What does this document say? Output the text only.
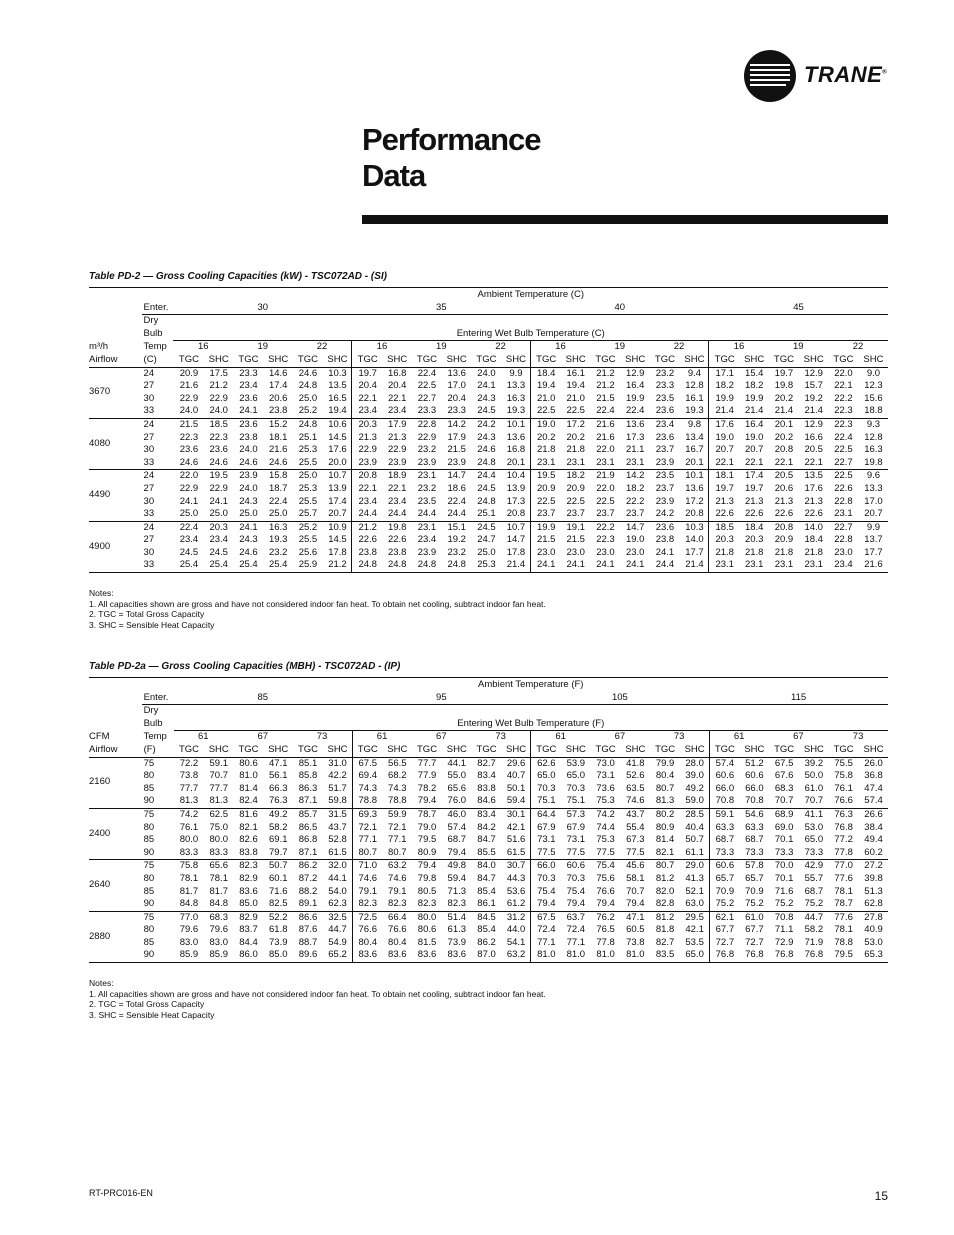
TRANE®
Performance
Data
Table PD-2 — Gross Cooling Capacities (kW) - TSC072AD - (SI)
		Ambient Temperature (C)																							
	Enter.	30						35						40						45					
	Dry																								
	Bulb	Entering Wet Bulb Temperature (C)																							
m³/h	Temp	16		19		22		16		19		22		16		19		22		16		19		22	
Airflow	(C)	TGC	SHC	TGC	SHC	TGC	SHC	TGC	SHC	TGC	SHC	TGC	SHC	TGC	SHC	TGC	SHC	TGC	SHC	TGC	SHC	TGC	SHC	TGC	SHC
3670	24	20.9	17.5	23.3	14.6	24.6	10.3	19.7	16.8	22.4	13.6	24.0	9.9	18.4	16.1	21.2	12.9	23.2	9.4	17.1	15.4	19.7	12.9	22.0	9.0
	27	21.6	21.2	23.4	17.4	24.8	13.5	20.4	20.4	22.5	17.0	24.1	13.3	19.4	19.4	21.2	16.4	23.3	12.8	18.2	18.2	19.8	15.7	22.1	12.3
	30	22.9	22.9	23.6	20.6	25.0	16.5	22.1	22.1	22.7	20.4	24.3	16.3	21.0	21.0	21.5	19.9	23.5	16.1	19.9	19.9	20.2	19.2	22.2	15.6
	33	24.0	24.0	24.1	23.8	25.2	19.4	23.4	23.4	23.3	23.3	24.5	19.3	22.5	22.5	22.4	22.4	23.6	19.3	21.4	21.4	21.4	21.4	22.3	18.8
4080	24	21.5	18.5	23.6	15.2	24.8	10.6	20.3	17.9	22.8	14.2	24.2	10.1	19.0	17.2	21.6	13.6	23.4	9.8	17.6	16.4	20.1	12.9	22.3	9.3
	27	22.3	22.3	23.8	18.1	25.1	14.5	21.3	21.3	22.9	17.9	24.3	13.6	20.2	20.2	21.6	17.3	23.6	13.4	19.0	19.0	20.2	16.6	22.4	12.8
	30	23.6	23.6	24.0	21.6	25.3	17.6	22.9	22.9	23.2	21.5	24.6	16.8	21.8	21.8	22.0	21.1	23.7	16.7	20.7	20.7	20.8	20.5	22.5	16.3
	33	24.6	24.6	24.6	24.6	25.5	20.0	23.9	23.9	23.9	23.9	24.8	20.1	23.1	23.1	23.1	23.1	23.9	20.1	22.1	22.1	22.1	22.1	22.7	19.8
4490	24	22.0	19.5	23.9	15.8	25.0	10.7	20.8	18.9	23.1	14.7	24.4	10.4	19.5	18.2	21.9	14.2	23.5	10.1	18.1	17.4	20.5	13.5	22.5	9.6
	27	22.9	22.9	24.0	18.7	25.3	13.9	22.1	22.1	23.2	18.6	24.5	13.9	20.9	20.9	22.0	18.2	23.7	13.6	19.7	19.7	20.6	17.6	22.6	13.3
	30	24.1	24.1	24.3	22.4	25.5	17.4	23.4	23.4	23.5	22.4	24.8	17.3	22.5	22.5	22.5	22.2	23.9	17.2	21.3	21.3	21.3	21.3	22.8	17.0
	33	25.0	25.0	25.0	25.0	25.7	20.7	24.4	24.4	24.4	24.4	25.1	20.8	23.7	23.7	23.7	23.7	24.2	20.8	22.6	22.6	22.6	22.6	23.1	20.7
4900	24	22.4	20.3	24.1	16.3	25.2	10.9	21.2	19.8	23.1	15.1	24.5	10.7	19.9	19.1	22.2	14.7	23.6	10.3	18.5	18.4	20.8	14.0	22.7	9.9
	27	23.4	23.4	24.3	19.3	25.5	14.5	22.6	22.6	23.4	19.2	24.7	14.7	21.5	21.5	22.3	19.0	23.8	14.0	20.3	20.3	20.9	18.4	22.8	13.7
	30	24.5	24.5	24.6	23.2	25.6	17.8	23.8	23.8	23.9	23.2	25.0	17.8	23.0	23.0	23.0	23.0	24.1	17.7	21.8	21.8	21.8	21.8	23.0	17.7
	33	25.4	25.4	25.4	25.4	25.9	21.2	24.8	24.8	24.8	24.8	25.3	21.4	24.1	24.1	24.1	24.1	24.4	21.4	23.1	23.1	23.1	23.1	23.4	21.6
Notes:
1. All capacities shown are gross and have not considered indoor fan heat. To obtain net cooling, subtract indoor fan heat.
2. TGC = Total Gross Capacity
3. SHC = Sensible Heat Capacity
Table PD-2a — Gross Cooling Capacities (MBH) - TSC072AD - (IP)
		Ambient Temperature (F)																							
	Enter.	85						95						105						115					
	Dry																								
	Bulb	Entering Wet Bulb Temperature (F)																							
CFM	Temp	61		67		73		61		67		73		61		67		73		61		67		73	
Airflow	(F)	TGC	SHC	TGC	SHC	TGC	SHC	TGC	SHC	TGC	SHC	TGC	SHC	TGC	SHC	TGC	SHC	TGC	SHC	TGC	SHC	TGC	SHC	TGC	SHC
2160	75	72.2	59.1	80.6	47.1	85.1	31.0	67.5	56.5	77.7	44.1	82.7	29.6	62.6	53.9	73.0	41.8	79.9	28.0	57.4	51.2	67.5	39.2	75.5	26.0
	80	73.8	70.7	81.0	56.1	85.8	42.2	69.4	68.2	77.9	55.0	83.4	40.7	65.0	65.0	73.1	52.6	80.4	39.0	60.6	60.6	67.6	50.0	75.8	36.8
	85	77.7	77.7	81.4	66.3	86.3	51.7	74.3	74.3	78.2	65.6	83.8	50.1	70.3	70.3	73.6	63.5	80.7	49.2	66.0	66.0	68.3	61.0	76.1	47.4
	90	81.3	81.3	82.4	76.3	87.1	59.8	78.8	78.8	79.4	76.0	84.6	59.4	75.1	75.1	75.3	74.6	81.3	59.0	70.8	70.8	70.7	70.7	76.6	57.4
2400	75	74.2	62.5	81.6	49.2	85.7	31.5	69.3	59.9	78.7	46.0	83.4	30.1	64.4	57.3	74.2	43.7	80.2	28.5	59.1	54.6	68.9	41.1	76.3	26.6
	80	76.1	75.0	82.1	58.2	86.5	43.7	72.1	72.1	79.0	57.4	84.2	42.1	67.9	67.9	74.4	55.4	80.9	40.4	63.3	63.3	69.0	53.0	76.8	38.4
	85	80.0	80.0	82.6	69.1	86.8	52.8	77.1	77.1	79.5	68.7	84.7	51.6	73.1	73.1	75.3	67.3	81.4	50.7	68.7	68.7	70.1	65.0	77.2	49.4
	90	83.3	83.3	83.8	79.7	87.1	61.5	80.7	80.7	80.9	79.4	85.5	61.5	77.5	77.5	77.5	77.5	82.1	61.1	73.3	73.3	73.3	73.3	77.8	60.2
2640	75	75.8	65.6	82.3	50.7	86.2	32.0	71.0	63.2	79.4	49.8	84.0	30.7	66.0	60.6	75.4	45.6	80.7	29.0	60.6	57.8	70.0	42.9	77.0	27.2
	80	78.1	78.1	82.9	60.1	87.2	44.1	74.6	74.6	79.8	59.4	84.7	44.3	70.3	70.3	75.6	58.1	81.2	41.3	65.7	65.7	70.1	55.7	77.6	39.8
	85	81.7	81.7	83.6	71.6	88.2	54.0	79.1	79.1	80.5	71.3	85.4	53.6	75.4	75.4	76.6	70.7	82.0	52.1	70.9	70.9	71.6	68.7	78.1	51.3
	90	84.8	84.8	85.0	82.5	89.1	62.3	82.3	82.3	82.3	82.3	86.1	61.2	79.4	79.4	79.4	79.4	82.8	63.0	75.2	75.2	75.2	75.2	78.7	62.8
2880	75	77.0	68.3	82.9	52.2	86.6	32.5	72.5	66.4	80.0	51.4	84.5	31.2	67.5	63.7	76.2	47.1	81.2	29.5	62.1	61.0	70.8	44.7	77.6	27.8
	80	79.6	79.6	83.7	61.8	87.6	44.7	76.6	76.6	80.6	61.3	85.4	44.0	72.4	72.4	76.5	60.5	81.8	42.1	67.7	67.7	71.1	58.2	78.1	40.9
	85	83.0	83.0	84.4	73.9	88.7	54.9	80.4	80.4	81.5	73.9	86.2	54.1	77.1	77.1	77.8	73.8	82.7	53.5	72.7	72.7	72.9	71.9	78.8	53.0
	90	85.9	85.9	86.0	85.0	89.6	65.2	83.6	83.6	83.6	83.6	87.0	63.2	81.0	81.0	81.0	81.0	83.5	65.0	76.8	76.8	76.8	76.8	79.5	65.3
Notes:
1. All capacities shown are gross and have not considered indoor fan heat. To obtain net cooling, subtract indoor fan heat.
2. TGC = Total Gross Capacity
3. SHC = Sensible Heat Capacity
RT-PRC016-EN	15
